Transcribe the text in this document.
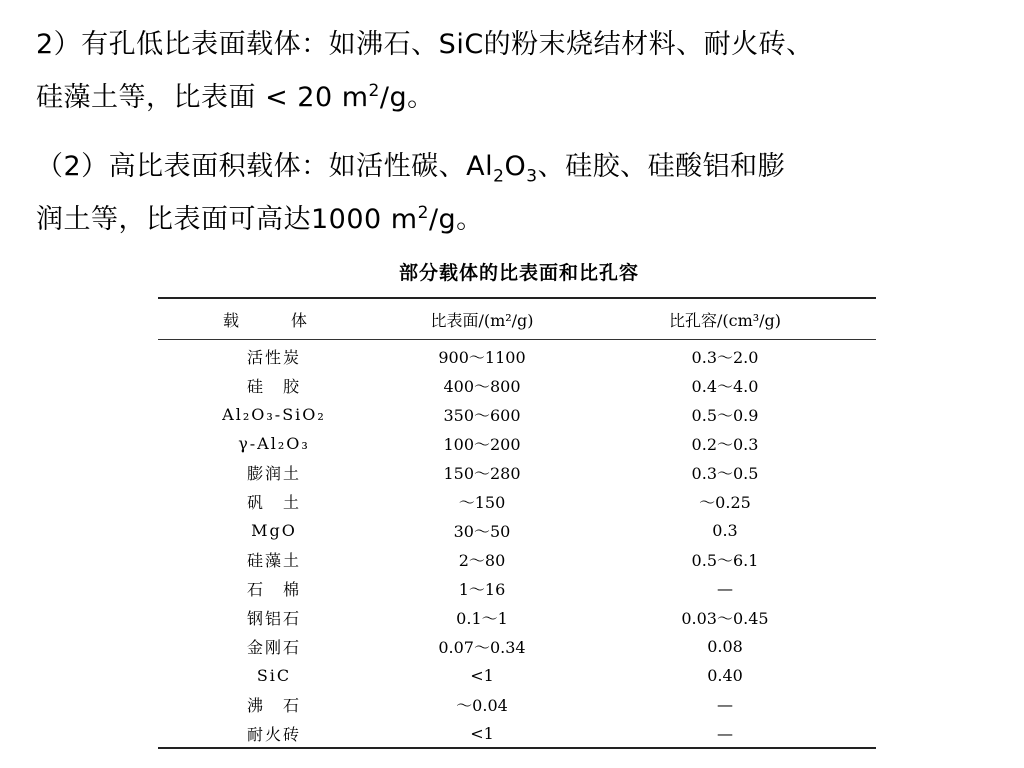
2）有孔低比表面载体：如沸石、SiC的粉末烧结材料、耐火砖、
硅藻土等，比表面 < 20 $m^2/g$。

（2）高比表面积载体：如活性碳、$Al_2O_3$、硅胶、硅酸铝和膨
润土等，比表面可高达1000 $m^2/g$。

部分载体的比表面和比孔容
载　体	比表面/(m²/g)	比孔容/(cm³/g)
活性炭	900～1100	0.3～2.0
硅　胶	400～800	0.4～4.0
Al₂O₃-SiO₂	350～600	0.5～0.9
γ-Al₂O₃	100～200	0.2～0.3
膨润土	150～280	0.3～0.5
矾　土	～150	～0.25
MgO	30～50	0.3
硅藻土	2～80	0.5～6.1
石　棉	1～16	—
钢铝石	0.1～1	0.03～0.45
金刚石	0.07～0.34	0.08
SiC	<1	0.40
沸　石	～0.04	—
耐火砖	<1	—
